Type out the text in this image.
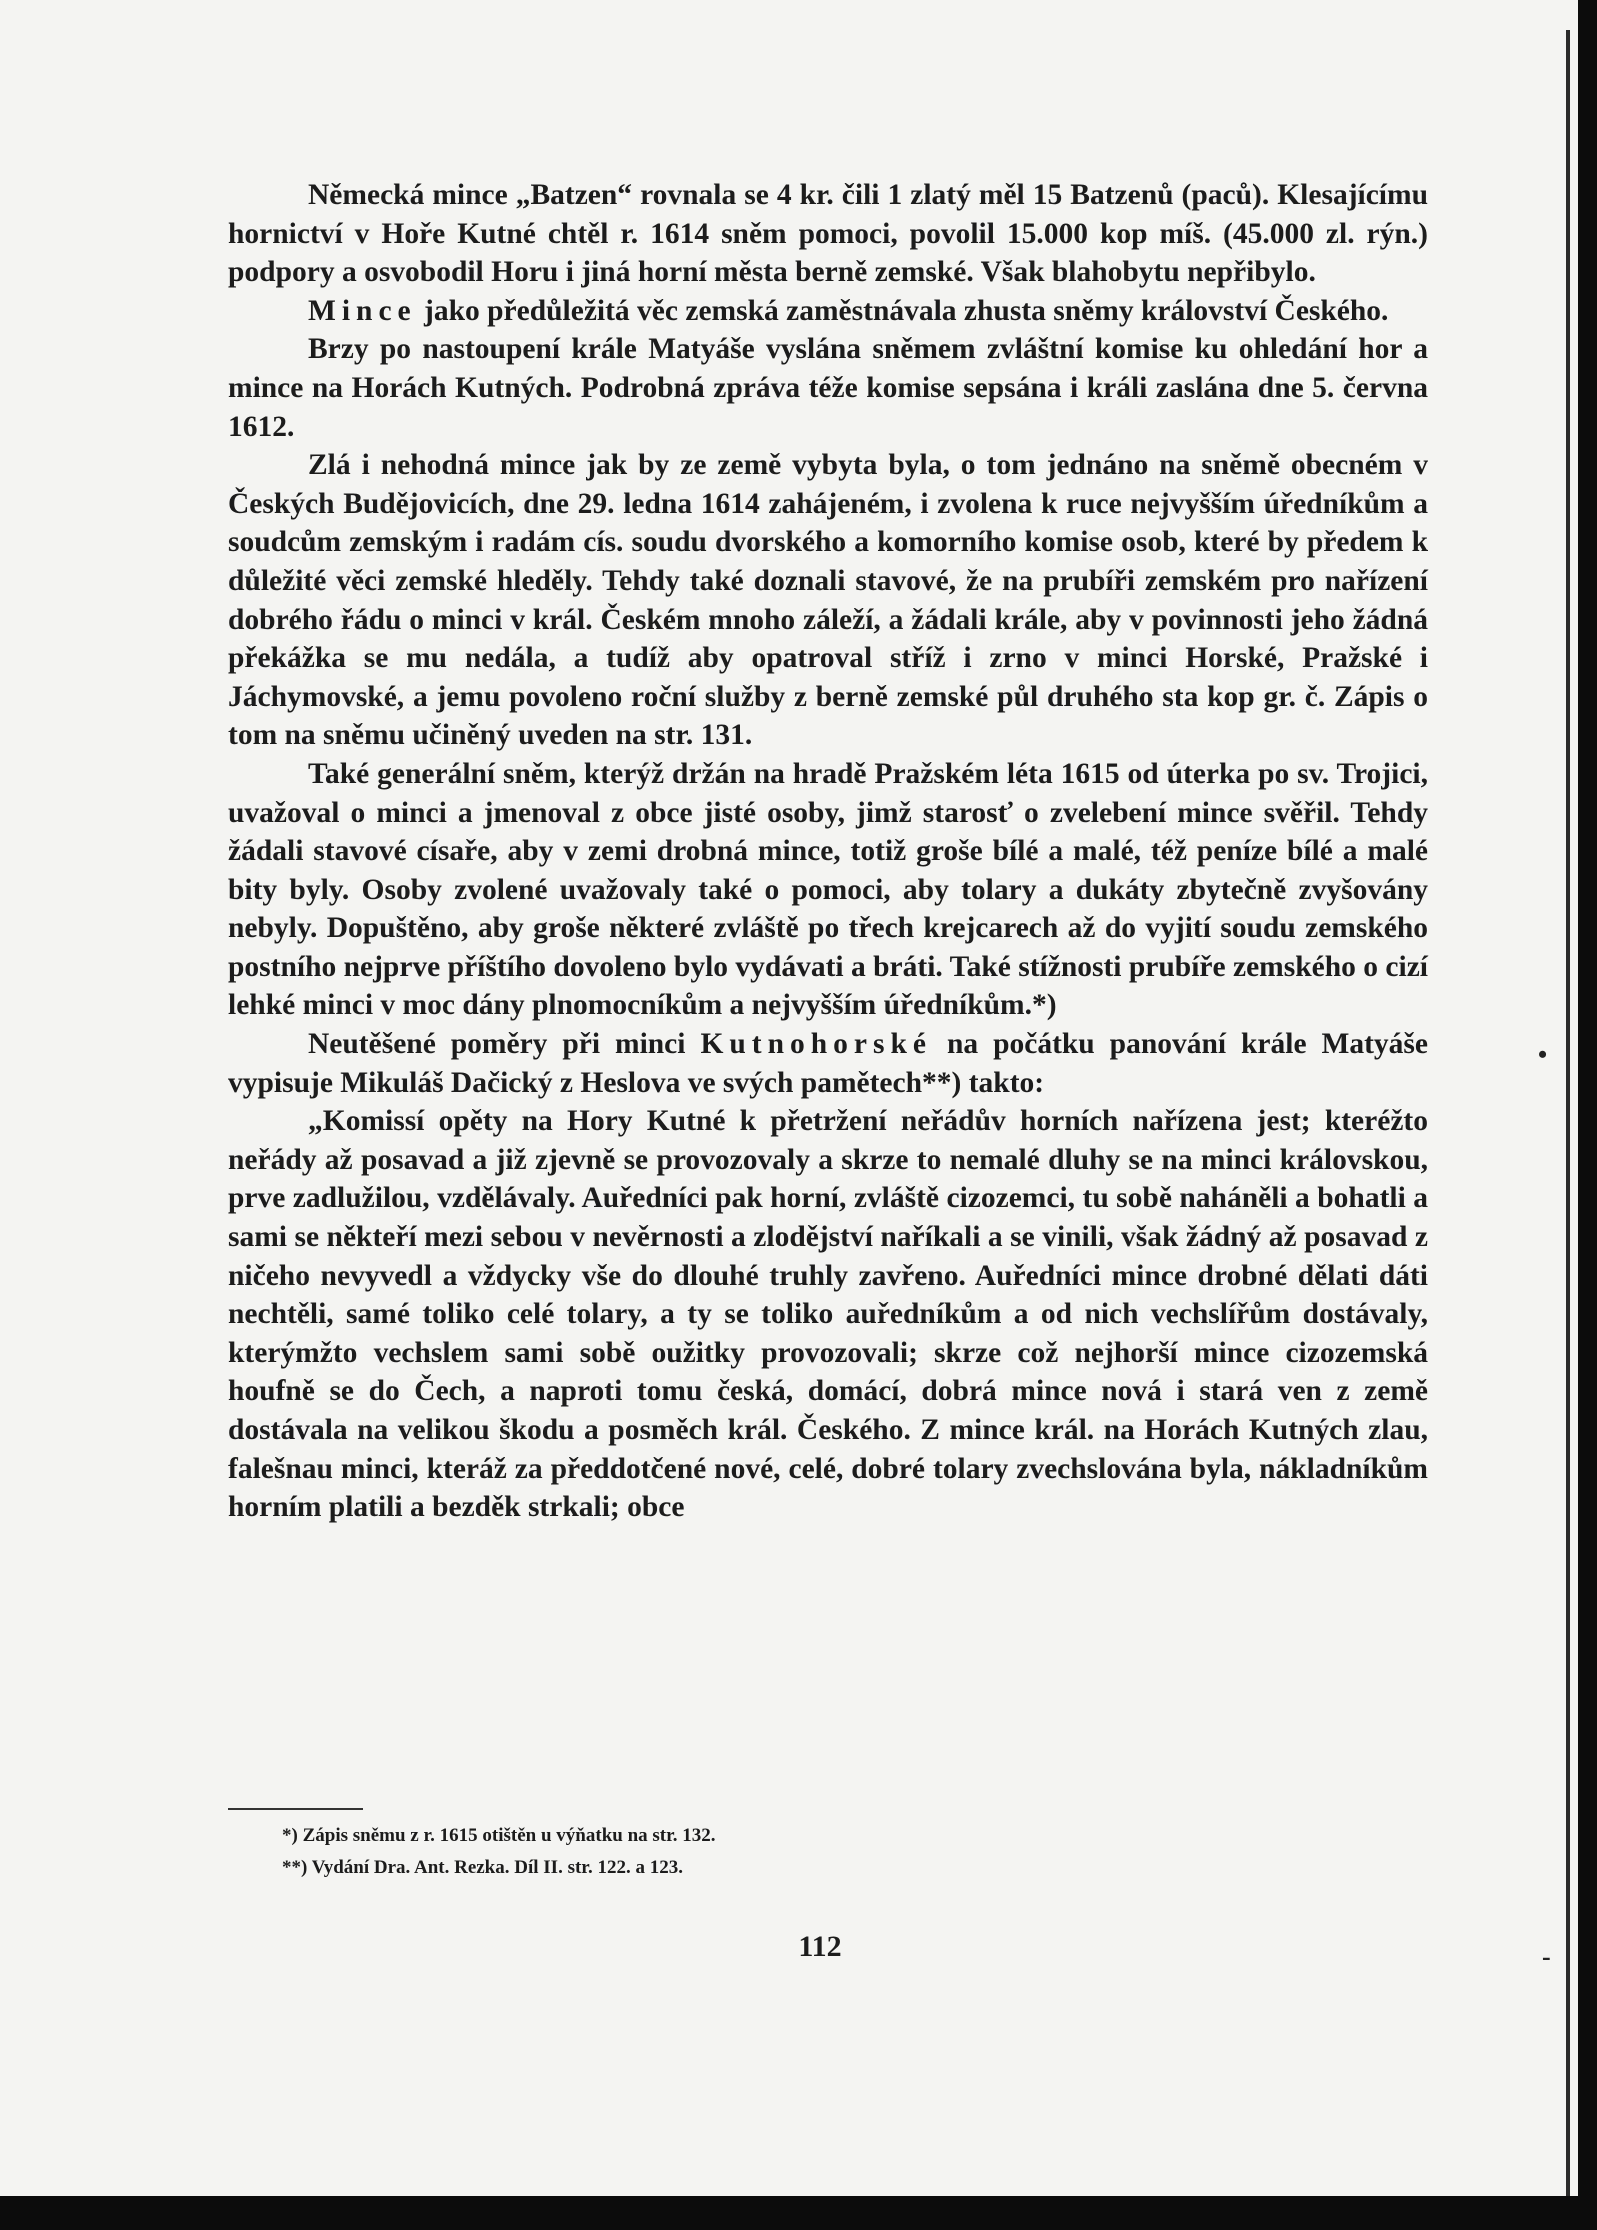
Německá mince „Batzen“ rovnala se 4 kr. čili 1 zlatý měl 15 Batzenů (paců). Klesajícímu hornictví v Hoře Kutné chtěl r. 1614 sněm pomoci, povolil 15.000 kop míš. (45.000 zl. rýn.) podpory a osvobodil Horu i jiná horní města berně zemské. Však blahobytu nepřibylo.

Mince jako předůležitá věc zemská zaměstnávala zhusta sněmy království Českého.

Brzy po nastoupení krále Matyáše vyslána sněmem zvláštní komise ku ohledání hor a mince na Horách Kutných. Podrobná zpráva téže komise sepsána i králi zaslána dne 5. června 1612.

Zlá i nehodná mince jak by ze země vybyta byla, o tom jednáno na sněmě obecném v Českých Budějovicích, dne 29. ledna 1614 zahájeném, i zvolena k ruce nejvyšším úředníkům a soudcům zemským i radám cís. soudu dvorského a komorního komise osob, které by předem k důležité věci zemské hleděly. Tehdy také doznali stavové, že na prubíři zemském pro nařízení dobrého řádu o minci v král. Českém mnoho záleží, a žádali krále, aby v povinnosti jeho žádná překážka se mu nedála, a tudíž aby opatroval stříž i zrno v minci Horské, Pražské i Jáchymovské, a jemu povoleno roční služby z berně zemské půl druhého sta kop gr. č. Zápis o tom na sněmu učiněný uveden na str. 131.

Také generální sněm, kterýž držán na hradě Pražském léta 1615 od úterka po sv. Trojici, uvažoval o minci a jmenoval z obce jisté osoby, jimž starosť o zvelebení mince svěřil. Tehdy žádali stavové císaře, aby v zemi drobná mince, totiž groše bílé a malé, též peníze bílé a malé bity byly. Osoby zvolené uvažovaly také o pomoci, aby tolary a dukáty zbytečně zvyšovány nebyly. Dopuštěno, aby groše některé zvláště po třech krejcarech až do vyjití soudu zemského postního nejprve příštího dovoleno bylo vydávati a bráti. Také stížnosti prubíře zemského o cizí lehké minci v moc dány plnomocníkům a nejvyšším úředníkům.*)

Neutěšené poměry při minci Kutnohorské na počátku panování krále Matyáše vypisuje Mikuláš Dačický z Heslova ve svých pamětech**) takto:

„Komissí opěty na Hory Kutné k přetržení neřádův horních nařízena jest; kteréžto neřády až posavad a již zjevně se provozovaly a skrze to nemalé dluhy se na minci královskou, prve zadlužilou, vzdělávaly. Auředníci pak horní, zvláště cizozemci, tu sobě naháněli a bohatli a sami se někteří mezi sebou v nevěrnosti a zlodějství naříkali a se vinili, však žádný až posavad z ničeho nevyvedl a vždycky vše do dlouhé truhly zavřeno. Auředníci mince drobné dělati dáti nechtěli, samé toliko celé tolary, a ty se toliko auředníkům a od nich vechslířům dostávaly, kterýmžto vechslem sami sobě oužitky provozovali; skrze což nejhorší mince cizozemská houfně se do Čech, a naproti tomu česká, domácí, dobrá mince nová i stará ven z země dostávala na velikou škodu a posměch král. Českého. Z mince král. na Horách Kutných zlau, falešnau minci, kteráž za předdotčené nové, celé, dobré tolary zvechslována byla, nákladníkům horním platili a bezděk strkali; obce

*) Zápis sněmu z r. 1615 otištěn u výňatku na str. 132.
**) Vydání Dra. Ant. Rezka. Díl II. str. 122. a 123.
112
•
-
